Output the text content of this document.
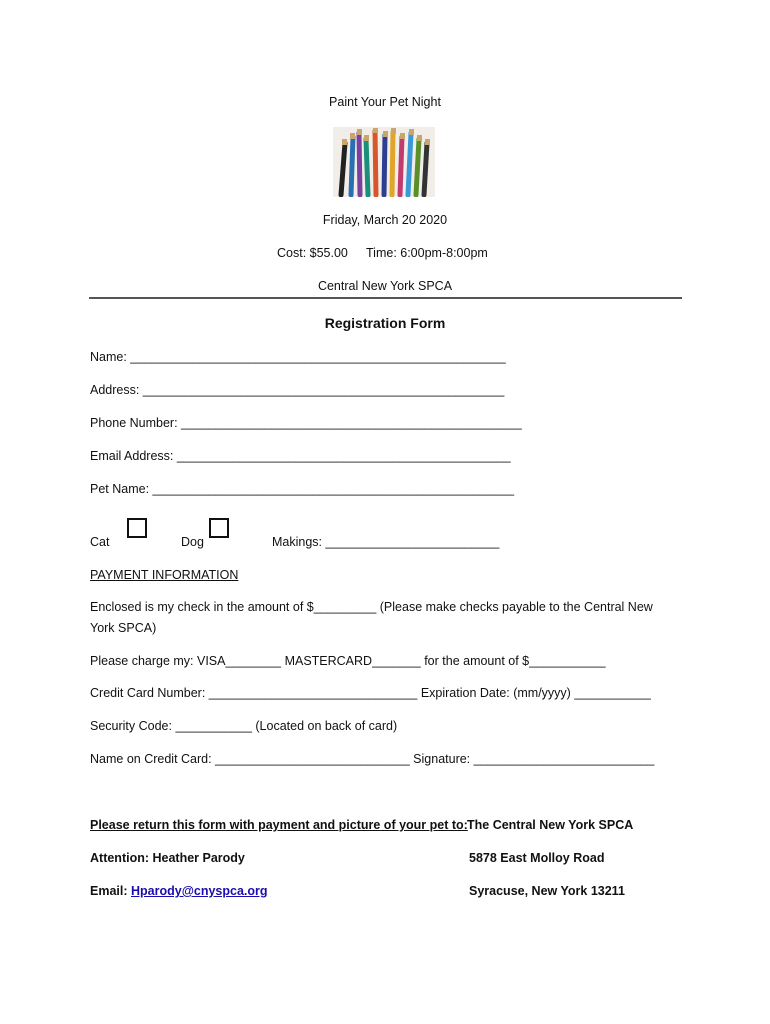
Paint Your Pet Night
Friday, March 20 2020
Cost: $55.00 Time: 6:00pm-8:00pm
Central New York SPCA
Registration Form
Name: ______________________________________________________
Address: ____________________________________________________
Phone Number: _________________________________________________
Email Address: ________________________________________________
Pet Name: ____________________________________________________
Cat	Dog	Makings: _________________________
PAYMENT INFORMATION
Enclosed is my check in the amount of $_________ (Please make checks payable to the Central New
York SPCA)
Please charge my: VISA________ MASTERCARD_______ for the amount of $___________
Credit Card Number: ______________________________ Expiration Date: (mm/yyyy) ___________
Security Code: ___________ (Located on back of card)
Name on Credit Card: ____________________________ Signature: __________________________
Please return this form with payment and picture of your pet to: The Central New York SPCA
Attention: Heather Parody	5878 East Molloy Road
Email: Hparody@cnyspca.org	Syracuse, New York 13211
